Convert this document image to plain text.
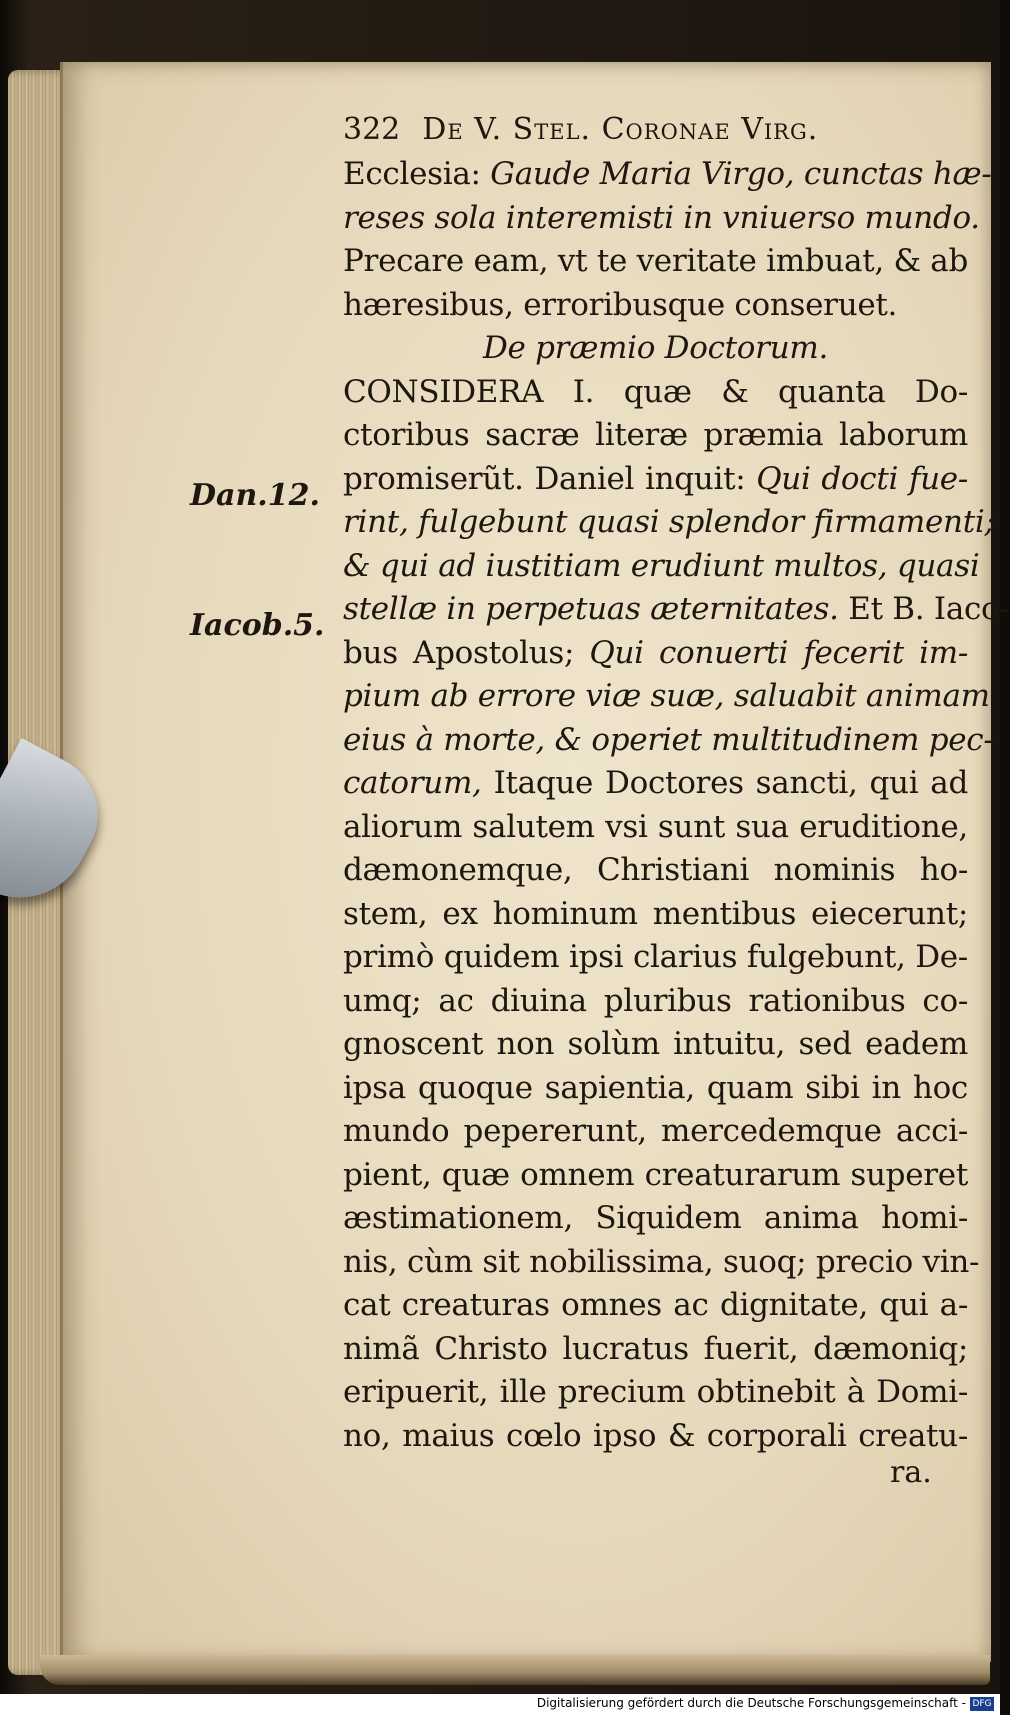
Dan.12.
Iacob.5.
322 De V. Stel. Coronae Virg.
Ecclesia: Gaude Maria Virgo, cunctas hæ-
reses sola interemisti in vniuerso mundo.
Precare eam, vt te veritate imbuat, & ab
hæresibus, erroribusque conseruet.
De præmio Doctorum.
CONSIDERA I. quæ & quanta Do-
ctoribus sacræ literæ præmia laborum
promiserũt. Daniel inquit: Qui docti fue-
rint, fulgebunt quasi splendor firmamenti;
& qui ad iustitiam erudiunt multos, quasi
stellæ in perpetuas æternitates. Et B. Iaco-
bus Apostolus; Qui conuerti fecerit im-
pium ab errore viæ suæ, saluabit animam
eius à morte, & operiet multitudinem pec-
catorum, Itaque Doctores sancti, qui ad
aliorum salutem vsi sunt sua eruditione,
dæmonemque, Christiani nominis ho-
stem, ex hominum mentibus eiecerunt;
primò quidem ipsi clarius fulgebunt, De-
umq; ac diuina pluribus rationibus co-
gnoscent non solùm intuitu, sed eadem
ipsa quoque sapientia, quam sibi in hoc
mundo pepererunt, mercedemque acci-
pient, quæ omnem creaturarum superet
æstimationem, Siquidem anima homi-
nis, cùm sit nobilissima, suoq; precio vin-
cat creaturas omnes ac dignitate, qui a-
nimã Christo lucratus fuerit, dæmoniq;
eripuerit, ille precium obtinebit à Domi-
no, maius cœlo ipso & corporali creatu-
ra.
Digitalisierung gefördert durch die Deutsche Forschungsgemeinschaft - DFG
